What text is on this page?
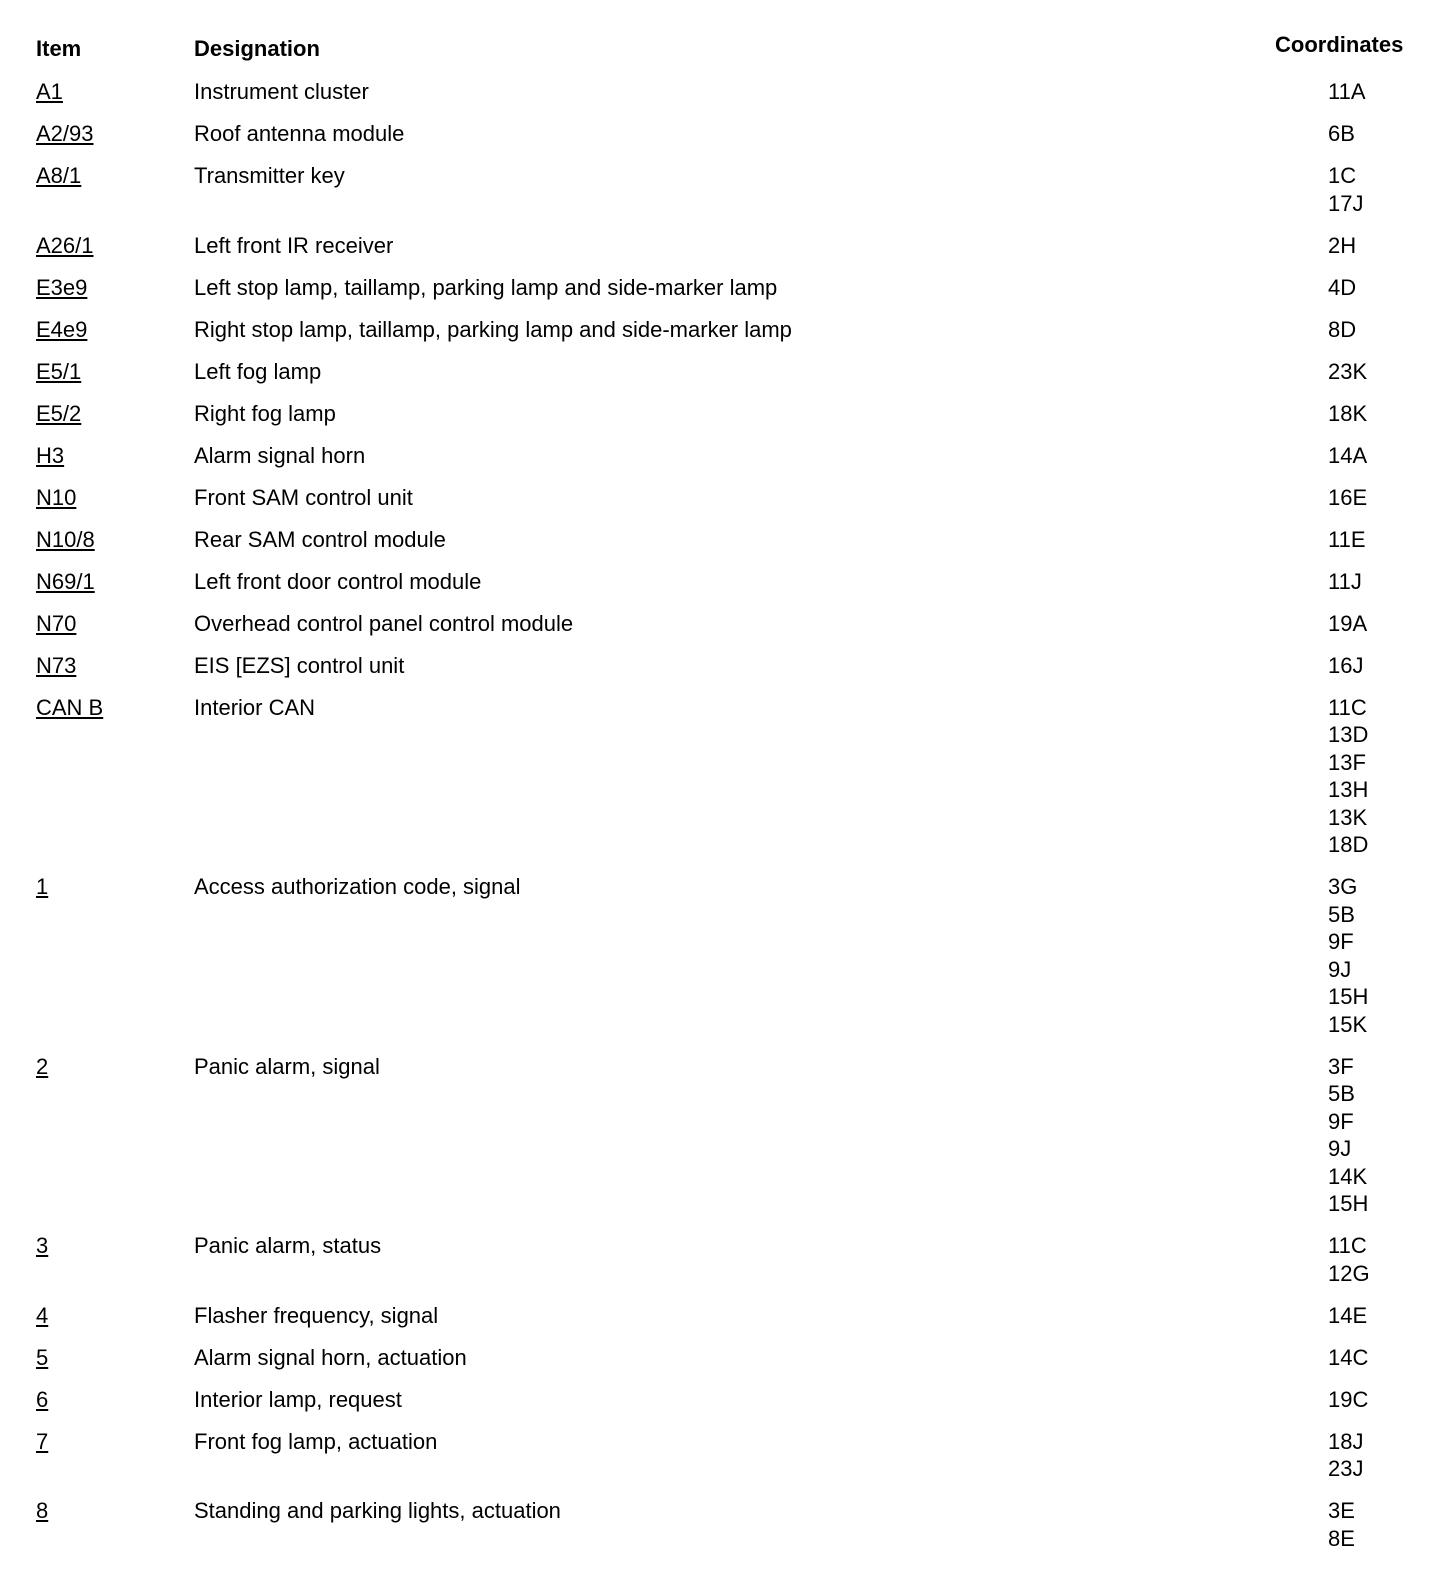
Item	Designation	Coordinates
A1	Instrument cluster	11A
A2/93	Roof antenna module	6B
A8/1	Transmitter key	1C
17J
A26/1	Left front IR receiver	2H
E3e9	Left stop lamp, taillamp, parking lamp and side-marker lamp	4D
E4e9	Right stop lamp, taillamp, parking lamp and side-marker lamp	8D
E5/1	Left fog lamp	23K
E5/2	Right fog lamp	18K
H3	Alarm signal horn	14A
N10	Front SAM control unit	16E
N10/8	Rear SAM control module	11E
N69/1	Left front door control module	11J
N70	Overhead control panel control module	19A
N73	EIS [EZS] control unit	16J
CAN B	Interior CAN	11C
13D
13F
13H
13K
18D
1	Access authorization code, signal	3G
5B
9F
9J
15H
15K
2	Panic alarm, signal	3F
5B
9F
9J
14K
15H
3	Panic alarm, status	11C
12G
4	Flasher frequency, signal	14E
5	Alarm signal horn, actuation	14C
6	Interior lamp, request	19C
7	Front fog lamp, actuation	18J
23J
8	Standing and parking lights, actuation	3E
8E
